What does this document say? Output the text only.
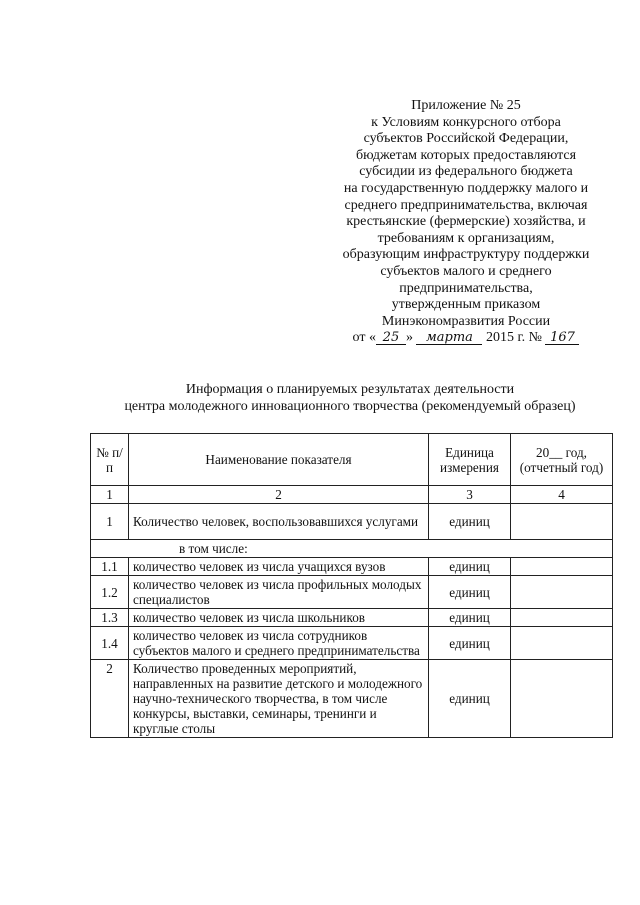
Приложение № 25
к Условиям конкурсного отбора
субъектов Российской Федерации,
бюджетам которых предоставляются
субсидии из федерального бюджета
на государственную поддержку малого и
среднего предпринимательства, включая
крестьянские (фермерские) хозяйства, и
требованиям к организациям,
образующим инфраструктуру поддержки
субъектов малого и среднего
предпринимательства,
утвержденным приказом
Минэкономразвития России
от « 25 » марта 2015 г. № 167
Информация о планируемых результатах деятельности
центра молодежного инновационного творчества (рекомендуемый образец)
№ п/п	Наименование показателя	Единица измерения	20__ год, (отчетный год)
1	2	3	4
1	Количество человек, воспользовавшихся услугами	единиц	
в том числе:			
1.1	количество человек из числа учащихся вузов	единиц	
1.2	количество человек из числа профильных молодых специалистов	единиц	
1.3	количество человек из числа школьников	единиц	
1.4	количество человек из числа сотрудников субъектов малого и среднего предпринимательства	единиц	
2	Количество проведенных мероприятий, направленных на развитие детского и молодежного научно-технического творчества, в том числе конкурсы, выставки, семинары, тренинги и круглые столы	единиц	
